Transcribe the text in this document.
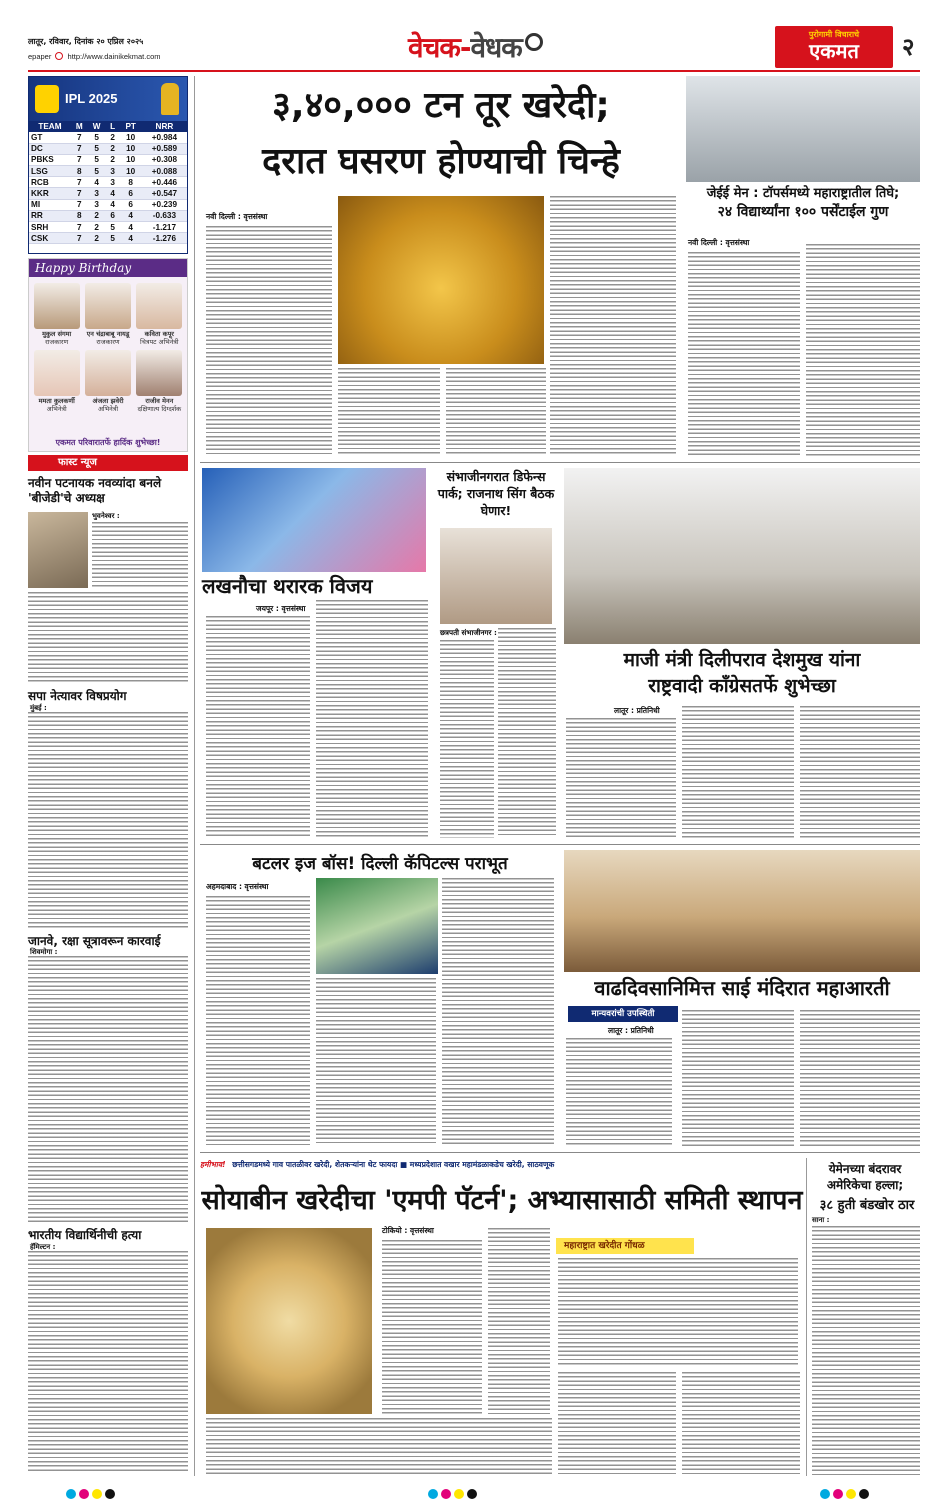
लातूर, रविवार, दिनांक २० एप्रिल २०२५
epaper http://www.dainikekmat.com	वेचक-वेधक	पुरोगामी विचाराचे
एकमत	२
IPL 2025
TEAM	M	W	L	PT	NRR
GT	7	5	2	10	+0.984
DC	7	5	2	10	+0.589
PBKS	7	5	2	10	+0.308
LSG	8	5	3	10	+0.088
RCB	7	4	3	8	+0.446
KKR	7	3	4	6	+0.547
MI	7	3	4	6	+0.239
RR	8	2	6	4	-0.633
SRH	7	2	5	4	-1.217
CSK	7	2	5	4	-1.276
Happy Birthday
मुकुल संगमा
राजकारण
एन चंद्राबाबू नायडू
राजकारण
कविता कपूर
चित्रपट अभिनेत्री
ममता कुलकर्णी
अभिनेत्री
अंजला झवेरी
अभिनेत्री
राजीव मेनन
दक्षिणात्य दिग्दर्शक
एकमत परिवारातर्फे हार्दिक शुभेच्छा!
फास्ट न्यूज
नवीन पटनायक नवव्यांदा बनले 'बीजेडी'चे अध्यक्ष
भुवनेश्वर :
सपा नेत्यावर विषप्रयोग
मुंबई :
जानवे, रक्षा सूत्रावरून कारवाई
शिवमोगा :
भारतीय विद्यार्थिनीची हत्या
हॅमिल्टन :
३,४०,००० टन तूर खरेदी;
दरात घसरण होण्याची चिन्हे
नवी दिल्ली : वृत्तसंस्था
जेईई मेन : टॉपर्समध्ये महाराष्ट्रातील तिघे;
२४ विद्यार्थ्यांना १०० पर्सेंटाईल गुण
नवी दिल्ली : वृत्तसंस्था
लखनौचा थरारक विजय
जयपूर : वृत्तसंस्था
संभाजीनगरात डिफेन्स पार्क; राजनाथ सिंग बैठक घेणार!
छत्रपती संभाजीनगर :
माजी मंत्री दिलीपराव देशमुख यांना
राष्ट्रवादी कॉंग्रेसतर्फे शुभेच्छा
लातूर : प्रतिनिधी
बटलर इज बॉस! दिल्ली कॅपिटल्स पराभूत
अहमदाबाद : वृत्तसंस्था
वाढदिवसानिमित्त साई मंदिरात महाआरती
मान्यवरांची उपस्थिती
लातूर : प्रतिनिधी
हमीभाव! छत्तीसगडमध्ये गाव पातळीवर खरेदी, शेतकऱ्यांना थेट फायदा ■ मध्यप्रदेशात वखार महामंडळाकडेच खरेदी, साठवणूक
सोयाबीन खरेदीचा 'एमपी पॅटर्न'; अभ्यासासाठी समिती स्थापन
टोकियो : वृत्तसंस्था
महाराष्ट्रात खरेदीत गोंधळ
येमेनच्या बंदरावर
अमेरिकेचा हल्ला;
३८ हुती बंडखोर ठार
साना :
